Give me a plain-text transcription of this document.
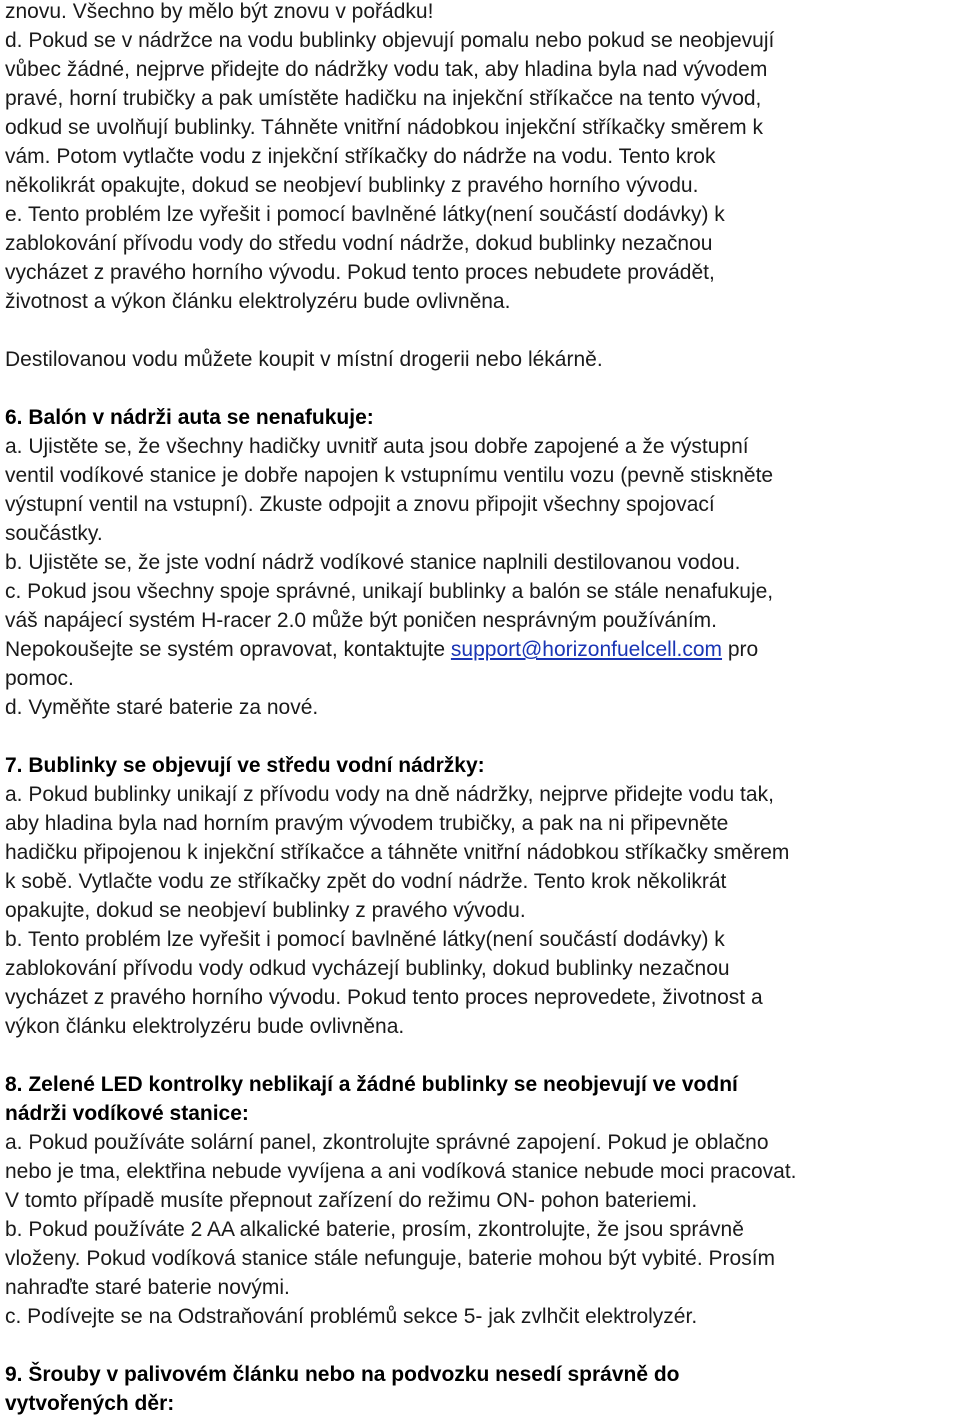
znovu. Všechno by mělo být znovu v pořádku!
d. Pokud se v nádržce na vodu bublinky objevují pomalu nebo pokud se neobjevují
vůbec žádné, nejprve přidejte do nádržky vodu tak, aby hladina byla nad vývodem
pravé, horní trubičky a pak umístěte hadičku na injekční stříkačce na tento vývod,
odkud se uvolňují bublinky. Táhněte vnitřní nádobkou injekční stříkačky směrem k
vám. Potom vytlačte vodu z injekční stříkačky do nádrže na vodu. Tento krok
několikrát opakujte, dokud se neobjeví bublinky z pravého horního vývodu.
e. Tento problém lze vyřešit i pomocí bavlněné látky(není součástí dodávky) k
zablokování přívodu vody do středu vodní nádrže, dokud bublinky nezačnou
vycházet z pravého horního vývodu. Pokud tento proces nebudete provádět,
životnost a výkon článku elektrolyzéru bude ovlivněna.
Destilovanou vodu můžete koupit v místní drogerii nebo lékárně.
6. Balón v nádrži auta se nenafukuje:
a. Ujistěte se, že všechny hadičky uvnitř auta jsou dobře zapojené a že výstupní
ventil vodíkové stanice je dobře napojen k vstupnímu ventilu vozu (pevně stiskněte
výstupní ventil na vstupní). Zkuste odpojit a znovu připojit všechny spojovací
součástky.
b. Ujistěte se, že jste vodní nádrž vodíkové stanice naplnili destilovanou vodou.
c. Pokud jsou všechny spoje správné, unikají bublinky a balón se stále nenafukuje,
váš napájecí systém H-racer 2.0 může být poničen nesprávným používáním.
Nepokoušejte se systém opravovat, kontaktujte support@horizonfuelcell.com pro
pomoc.
d. Vyměňte staré baterie za nové.
7. Bublinky se objevují ve středu vodní nádržky:
a. Pokud bublinky unikají z přívodu vody na dně nádržky, nejprve přidejte vodu tak,
aby hladina byla nad horním pravým vývodem trubičky, a pak na ni připevněte
hadičku připojenou k injekční stříkačce a táhněte vnitřní nádobkou stříkačky směrem
k sobě. Vytlačte vodu ze stříkačky zpět do vodní nádrže. Tento krok několikrát
opakujte, dokud se neobjeví bublinky z pravého vývodu.
b. Tento problém lze vyřešit i pomocí bavlněné látky(není součástí dodávky) k
zablokování přívodu vody odkud vycházejí bublinky, dokud bublinky nezačnou
vycházet z pravého horního vývodu. Pokud tento proces neprovedete, životnost a
výkon článku elektrolyzéru bude ovlivněna.
8. Zelené LED kontrolky neblikají a žádné bublinky se neobjevují ve vodní
nádrži vodíkové stanice:
a. Pokud používáte solární panel, zkontrolujte správné zapojení. Pokud je oblačno
nebo je tma, elektřina nebude vyvíjena a ani vodíková stanice nebude moci pracovat.
V tomto případě musíte přepnout zařízení do režimu ON- pohon bateriemi.
b. Pokud používáte 2 AA alkalické baterie, prosím, zkontrolujte, že jsou správně
vloženy. Pokud vodíková stanice stále nefunguje, baterie mohou být vybité. Prosím
nahraďte staré baterie novými.
c. Podívejte se na Odstraňování problémů sekce 5- jak zvlhčit elektrolyzér.
9. Šrouby v palivovém článku nebo na podvozku nesedí správně do
vytvořených děr:
